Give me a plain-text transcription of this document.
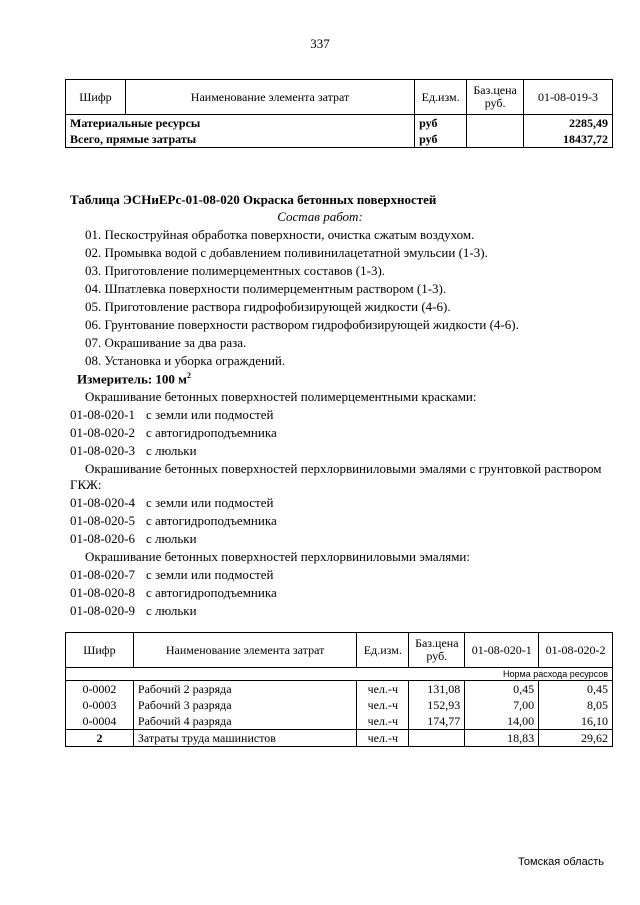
337
Шифр	Наименование элемента затрат	Ед.изм.	Баз.цена руб.	01-08-019-3
Материальные ресурсы		руб		2285,49
Всего, прямые затраты		руб		18437,72
Таблица ЭСНиЕРс-01-08-020 Окраска бетонных поверхностей
Состав работ:
01. Пескоструйная обработка поверхности, очистка сжатым воздухом.
02. Промывка водой с добавлением поливинилацетатной эмульсии (1-3).
03. Приготовление полимерцементных составов (1-3).
04. Шпатлевка поверхности полимерцементным раствором (1-3).
05. Приготовление раствора гидрофобизирующей жидкости (4-6).
06. Грунтование поверхности раствором гидрофобизирующей жидкости (4-6).
07. Окрашивание за два раза.
08. Установка и уборка ограждений.
Измеритель: 100 $м^2$
Окрашивание бетонных поверхностей полимерцементными красками:
01-08-020-1 с земли или подмостей
01-08-020-2 с автогидроподъемника
01-08-020-3 с люльки
Окрашивание бетонных поверхностей перхлорвиниловыми эмалями с грунтовкой раствором
ГКЖ:
01-08-020-4 с земли или подмостей
01-08-020-5 с автогидроподъемника
01-08-020-6 с люльки
Окрашивание бетонных поверхностей перхлорвиниловыми эмалями:
01-08-020-7 с земли или подмостей
01-08-020-8 с автогидроподъемника
01-08-020-9 с люльки
Шифр	Наименование элемента затрат	Ед.изм.	Баз.цена руб.	01-08-020-1	01-08-020-2
Норма расхода ресурсов					
0-0002	Рабочий 2 разряда	чел.-ч	131,08	0,45	0,45
0-0003	Рабочий 3 разряда	чел.-ч	152,93	7,00	8,05
0-0004	Рабочий 4 разряда	чел.-ч	174,77	14,00	16,10
2	Затраты труда машинистов	чел.-ч		18,83	29,62
Томская область
